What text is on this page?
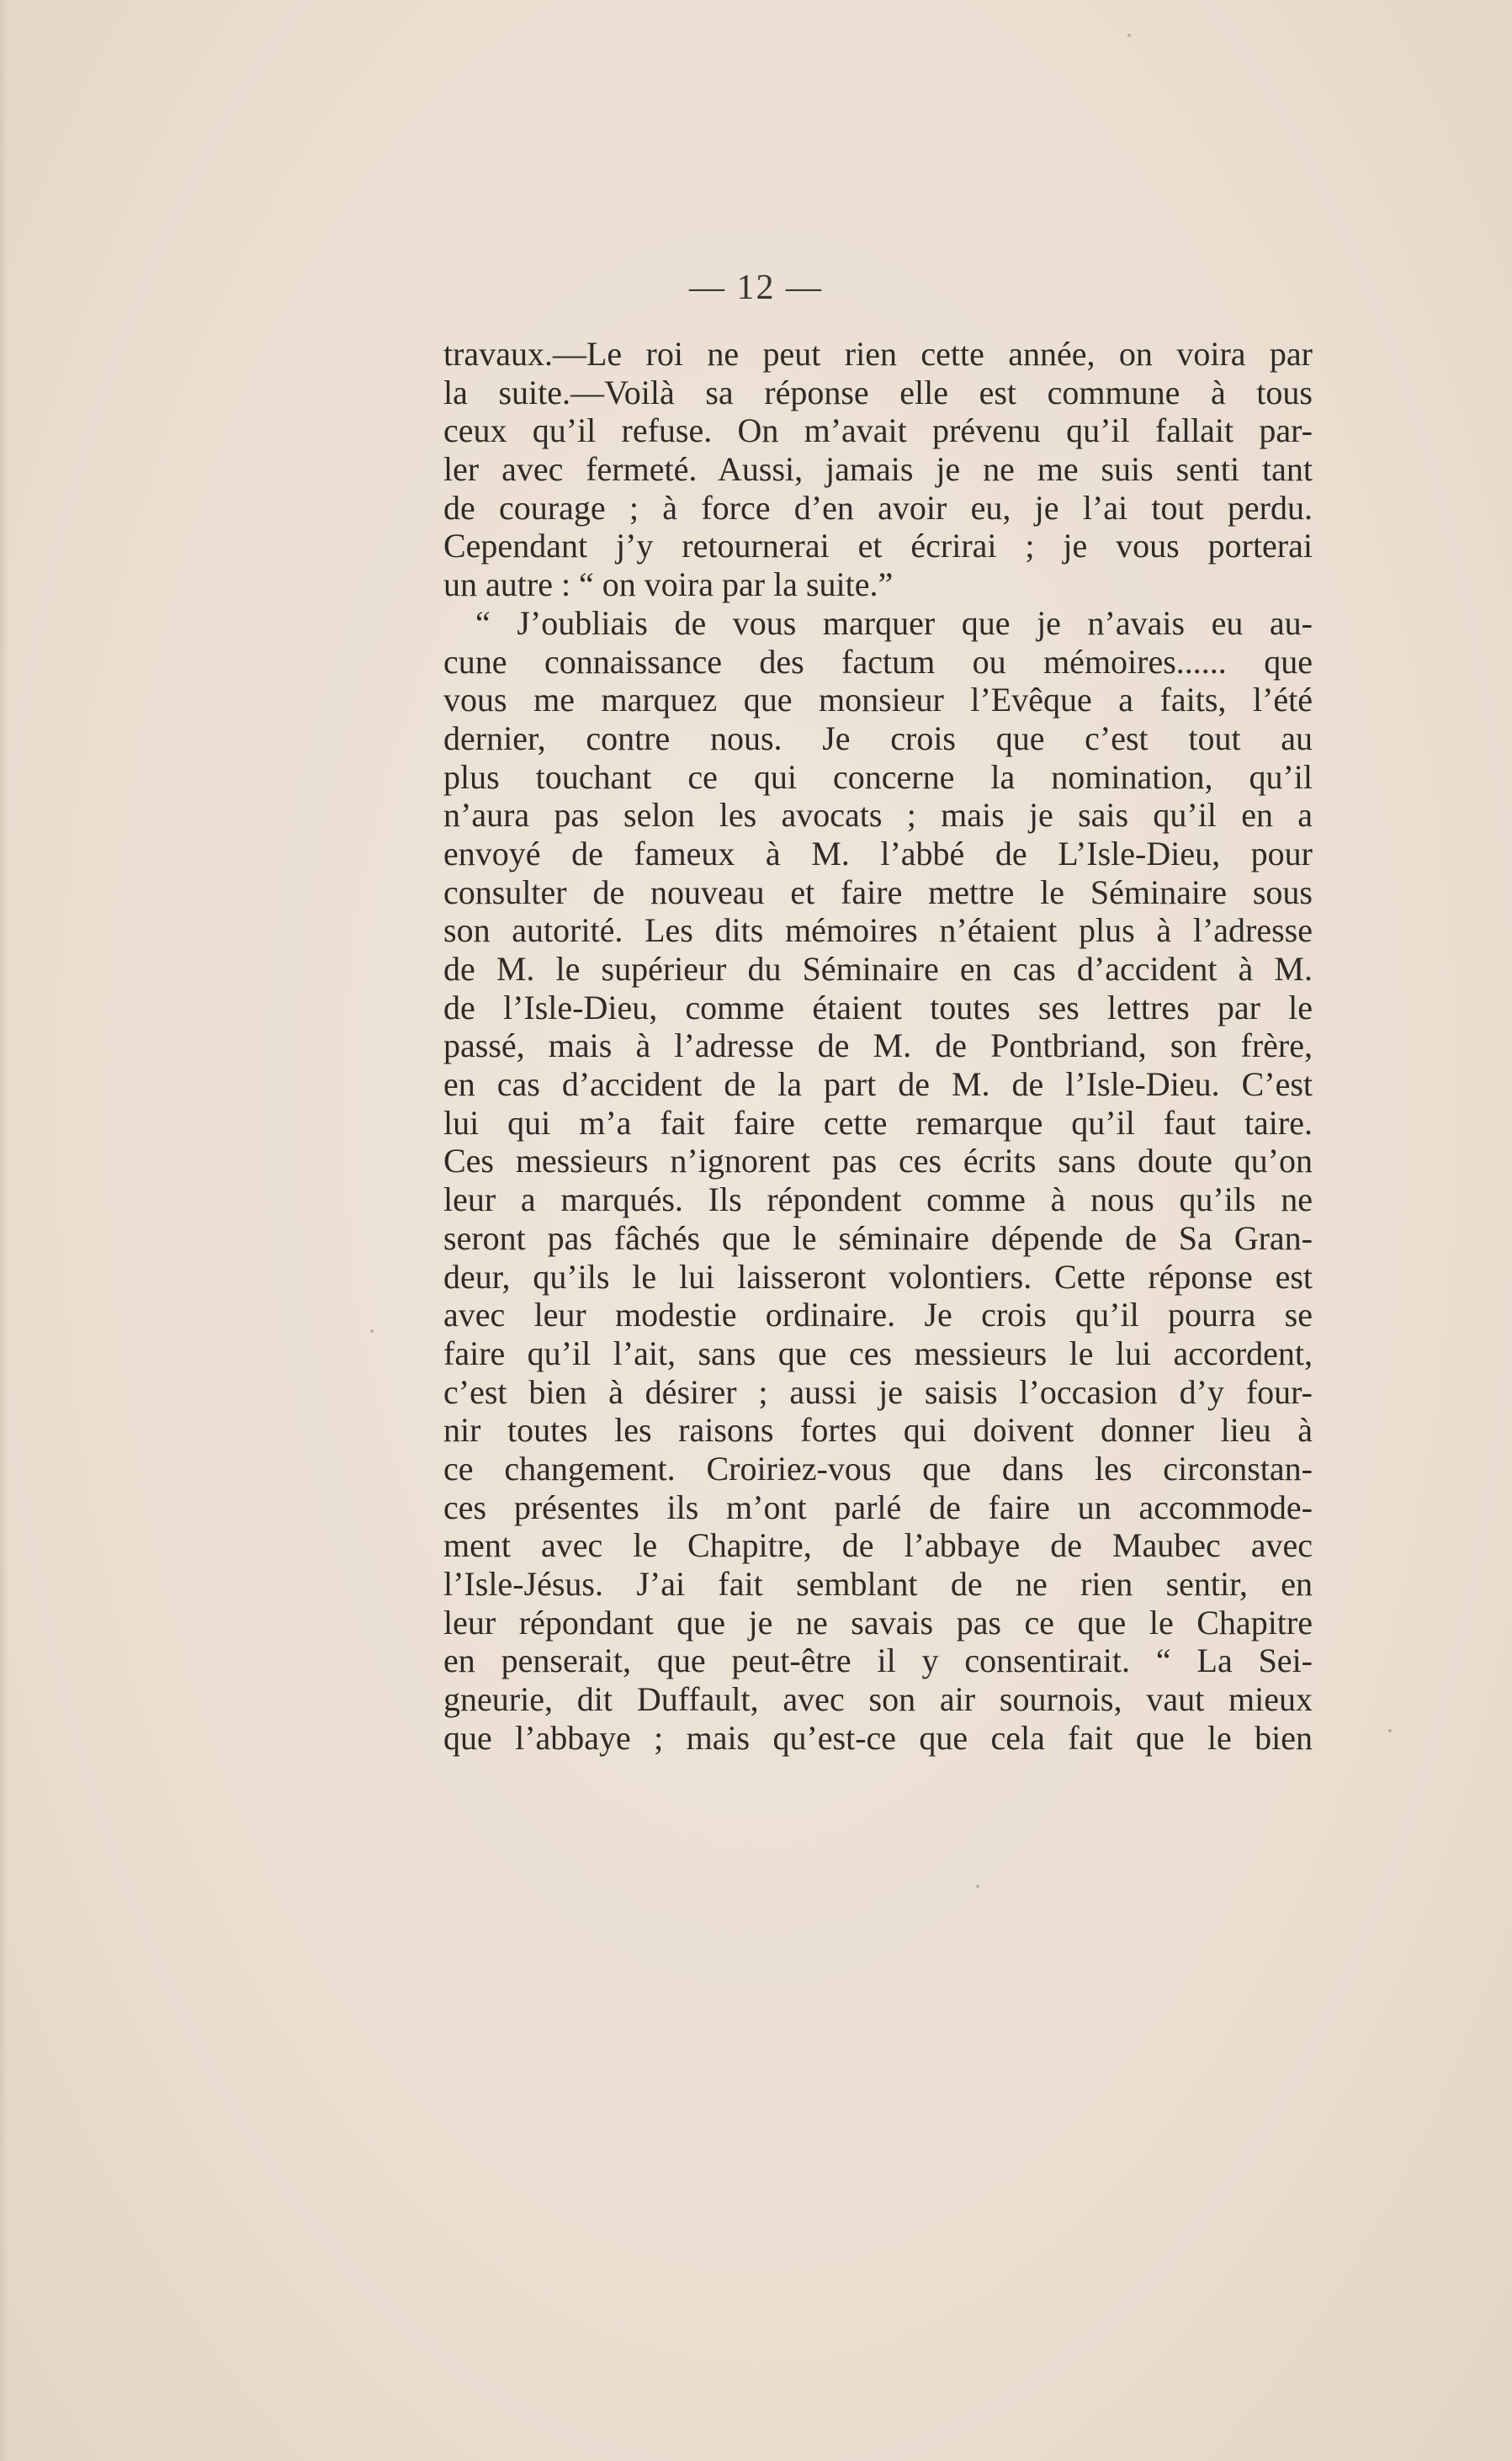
— 12 —
travaux.—Le roi ne peut rien cette année, on voira par
la suite.—Voilà sa réponse elle est commune à tous
ceux qu’il refuse. On m’avait prévenu qu’il fallait par-
ler avec fermeté. Aussi, jamais je ne me suis senti tant
de courage ; à force d’en avoir eu, je l’ai tout perdu.
Cependant j’y retournerai et écrirai ; je vous porterai
un autre : “ on voira par la suite.”
“ J’oubliais de vous marquer que je n’avais eu au-
cune connaissance des factum ou mémoires...... que
vous me marquez que monsieur l’Evêque a faits, l’été
dernier, contre nous. Je crois que c’est tout au
plus touchant ce qui concerne la nomination, qu’il
n’aura pas selon les avocats ; mais je sais qu’il en a
envoyé de fameux à M. l’abbé de L’Isle-Dieu, pour
consulter de nouveau et faire mettre le Séminaire sous
son autorité. Les dits mémoires n’étaient plus à l’adresse
de M. le supérieur du Séminaire en cas d’accident à M.
de l’Isle-Dieu, comme étaient toutes ses lettres par le
passé, mais à l’adresse de M. de Pontbriand, son frère,
en cas d’accident de la part de M. de l’Isle-Dieu. C’est
lui qui m’a fait faire cette remarque qu’il faut taire.
Ces messieurs n’ignorent pas ces écrits sans doute qu’on
leur a marqués. Ils répondent comme à nous qu’ils ne
seront pas fâchés que le séminaire dépende de Sa Gran-
deur, qu’ils le lui laisseront volontiers. Cette réponse est
avec leur modestie ordinaire. Je crois qu’il pourra se
faire qu’il l’ait, sans que ces messieurs le lui accordent,
c’est bien à désirer ; aussi je saisis l’occasion d’y four-
nir toutes les raisons fortes qui doivent donner lieu à
ce changement. Croiriez-vous que dans les circonstan-
ces présentes ils m’ont parlé de faire un accommode-
ment avec le Chapitre, de l’abbaye de Maubec avec
l’Isle-Jésus. J’ai fait semblant de ne rien sentir, en
leur répondant que je ne savais pas ce que le Chapitre
en penserait, que peut-être il y consentirait. “ La Sei-
gneurie, dit Duffault, avec son air sournois, vaut mieux
que l’abbaye ; mais qu’est-ce que cela fait que le bien
